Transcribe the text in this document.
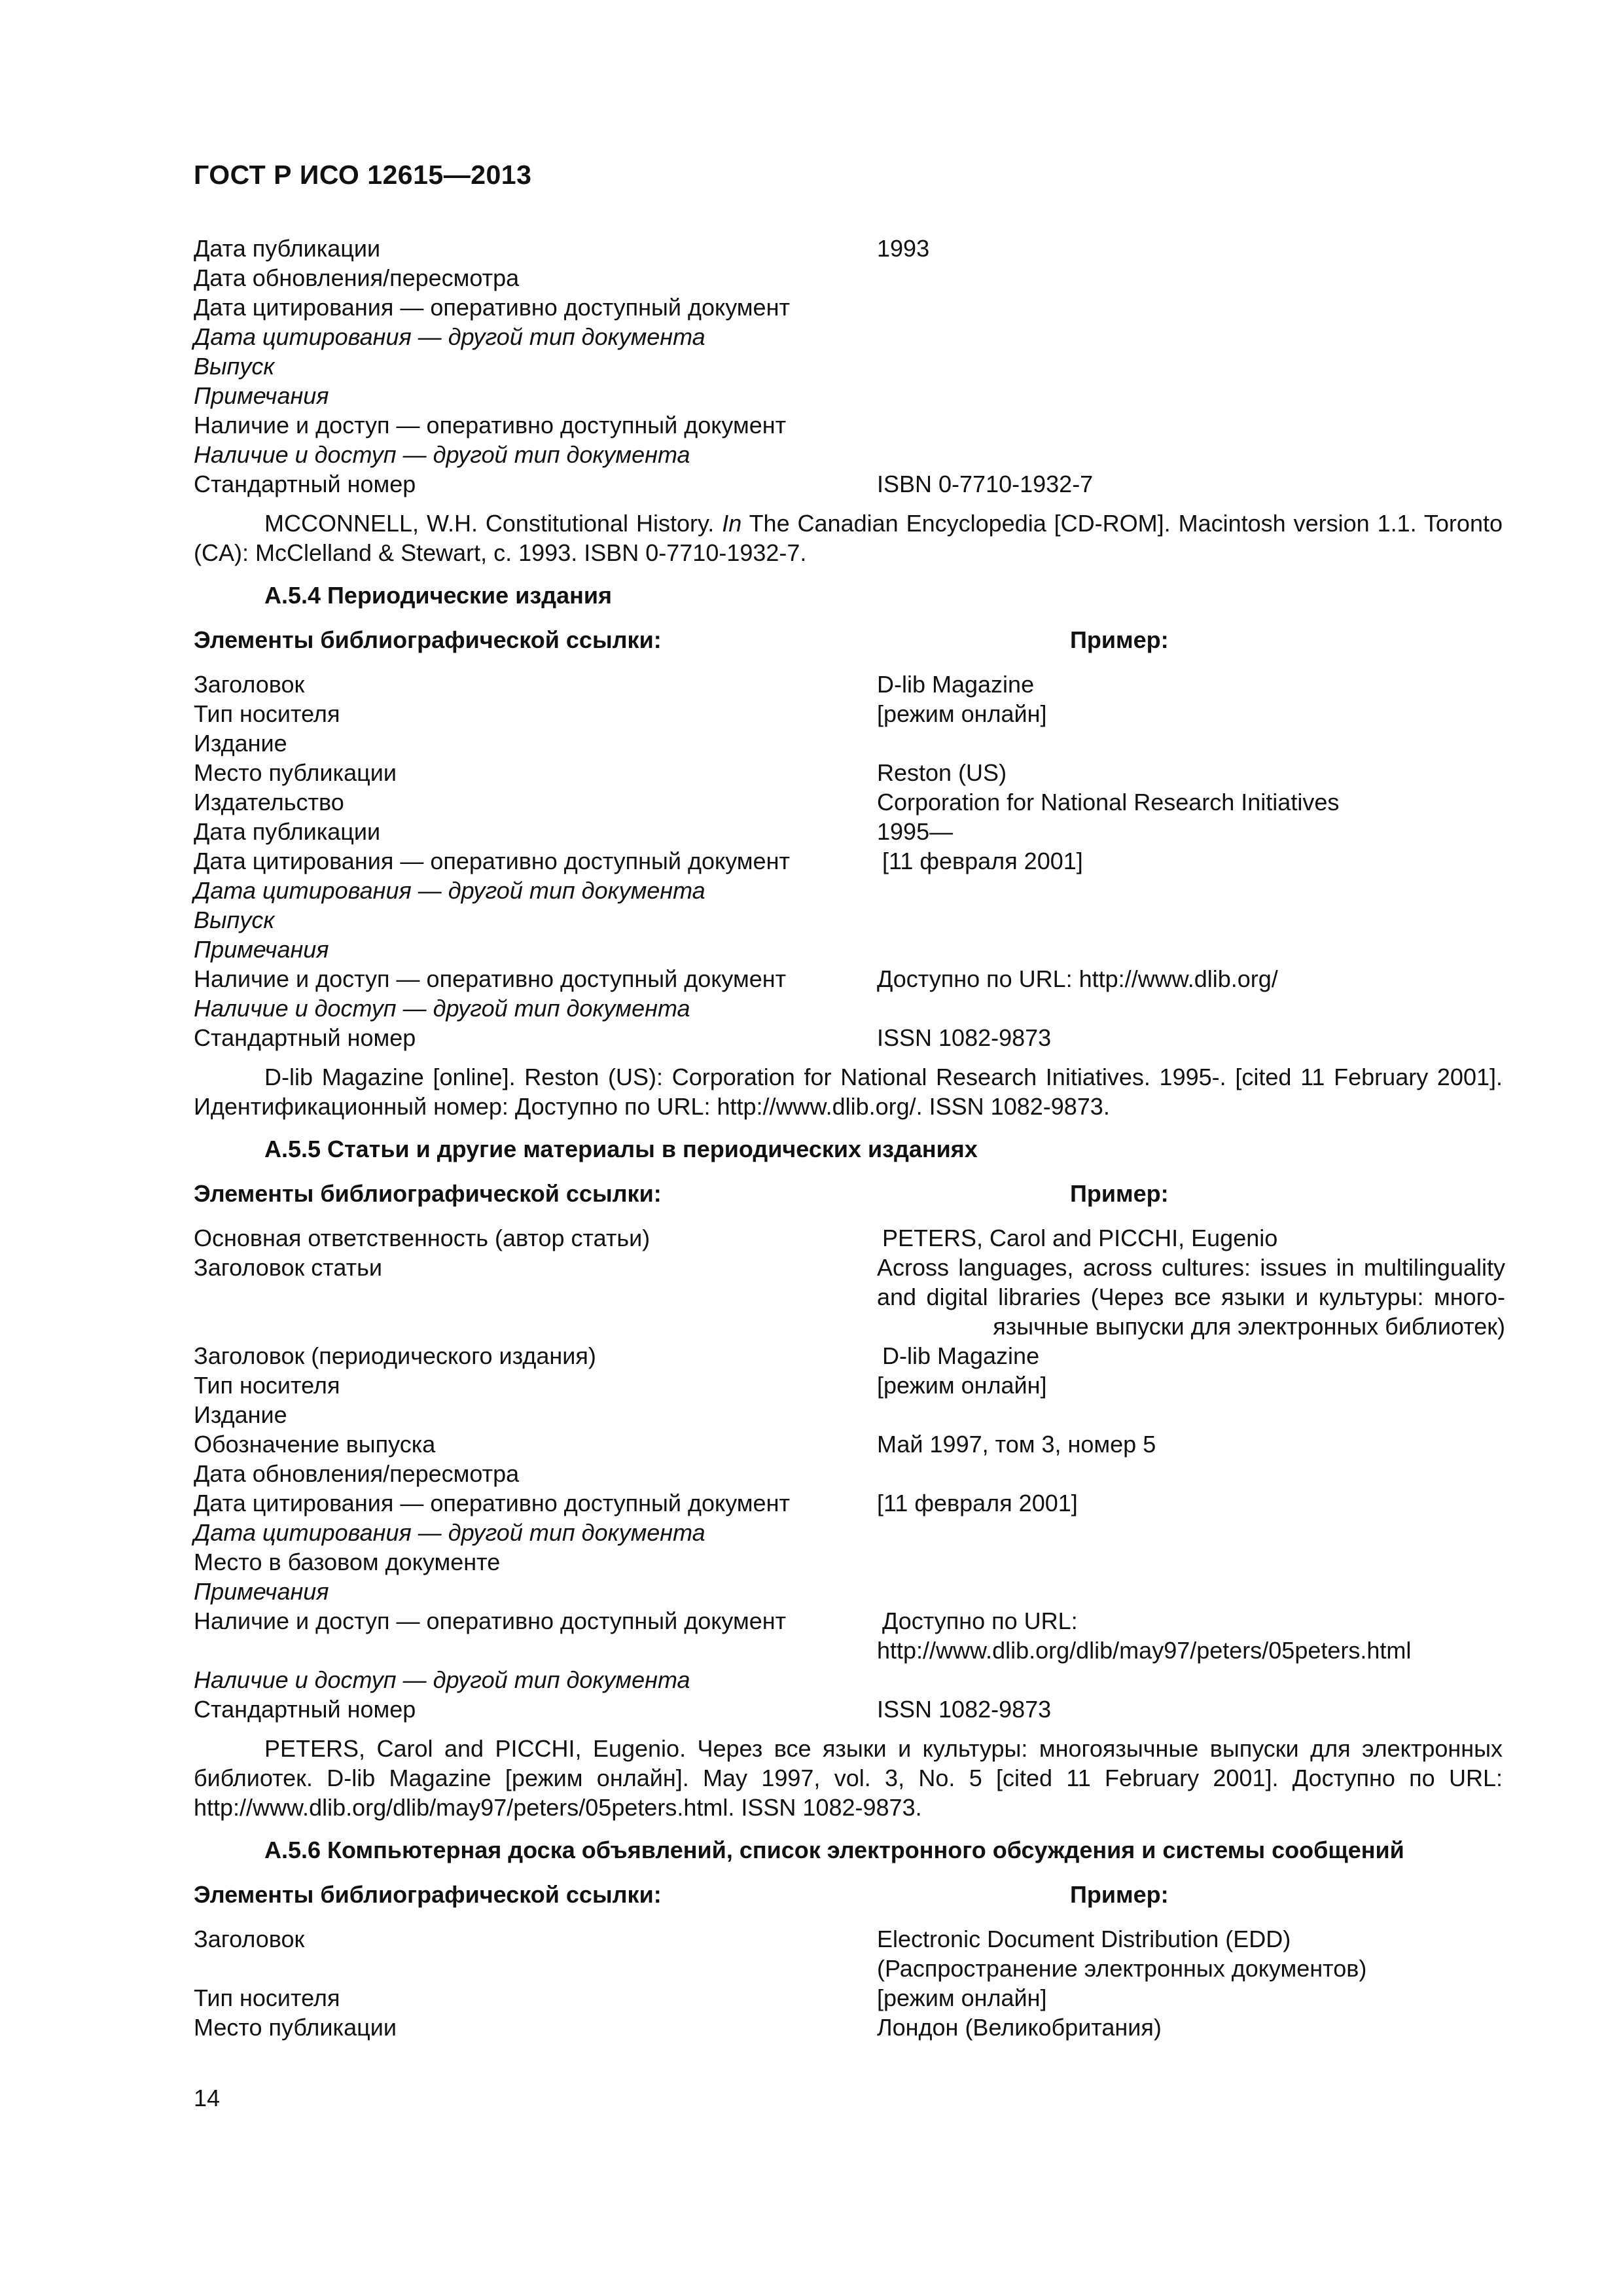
ГОСТ Р ИСО 12615—2013
Дата публикации	1993
Дата обновления/пересмотра
Дата цитирования — оперативно доступный документ
Дата цитирования — другой тип документа
Выпуск
Примечания
Наличие и доступ — оперативно доступный документ
Наличие и доступ — другой тип документа
Стандартный номер	ISBN 0-7710-1932-7
MCCONNELL, W.H. Constitutional History. In The Canadian Encyclopedia [CD-ROM]. Macintosh version 1.1. Toronto (CA): McClelland & Stewart, c. 1993. ISBN 0-7710-1932-7.
А.5.4 Периодические издания
Элементы библиографической ссылки:	Пример:
Заголовок	D-lib Magazine
Тип носителя	[режим онлайн]
Издание
Место публикации	Reston (US)
Издательство	Corporation for National Research Initiatives
Дата публикации	1995—
Дата цитирования — оперативно доступный документ	[11 февраля 2001]
Дата цитирования — другой тип документа
Выпуск
Примечания
Наличие и доступ — оперативно доступный документ	Доступно по URL: http://www.dlib.org/
Наличие и доступ — другой тип документа
Стандартный номер	ISSN 1082-9873
D-lib Magazine [online]. Reston (US): Corporation for National Research Initiatives. 1995-. [cited 11 February 2001]. Идентификационный номер: Доступно по URL: http://www.dlib.org/. ISSN 1082-9873.
А.5.5 Статьи и другие материалы в периодических изданиях
Элементы библиографической ссылки:	Пример:
Основная ответственность (автор статьи)	PETERS, Carol and PICCHI, Eugenio
Заголовок статьи	Across languages, across cultures: issues in multilinguality and digital libraries (Через все языки и культуры: много-язычные выпуски для электронных библиотек)
Заголовок (периодического издания)	D-lib Magazine
Тип носителя	[режим онлайн]
Издание
Обозначение выпуска	Май 1997, том 3, номер 5
Дата обновления/пересмотра
Дата цитирования — оперативно доступный документ	[11 февраля 2001]
Дата цитирования — другой тип документа
Место в базовом документе
Примечания
Наличие и доступ — оперативно доступный документ	Доступно по URL:
http://www.dlib.org/dlib/may97/peters/05peters.html
Наличие и доступ — другой тип документа
Стандартный номер	ISSN 1082-9873
PETERS, Carol and PICCHI, Eugenio. Через все языки и культуры: многоязычные выпуски для электронных библиотек. D-lib Magazine [режим онлайн]. May 1997, vol. 3, No. 5 [cited 11 February 2001]. Доступно по URL: http://www.dlib.org/dlib/may97/peters/05peters.html. ISSN 1082-9873.
А.5.6 Компьютерная доска объявлений, список электронного обсуждения и системы сообщений
Элементы библиографической ссылки:	Пример:
Заголовок	Electronic Document Distribution (EDD)
(Распространение электронных документов)
Тип носителя	[режим онлайн]
Место публикации	Лондон (Великобритания)
14
